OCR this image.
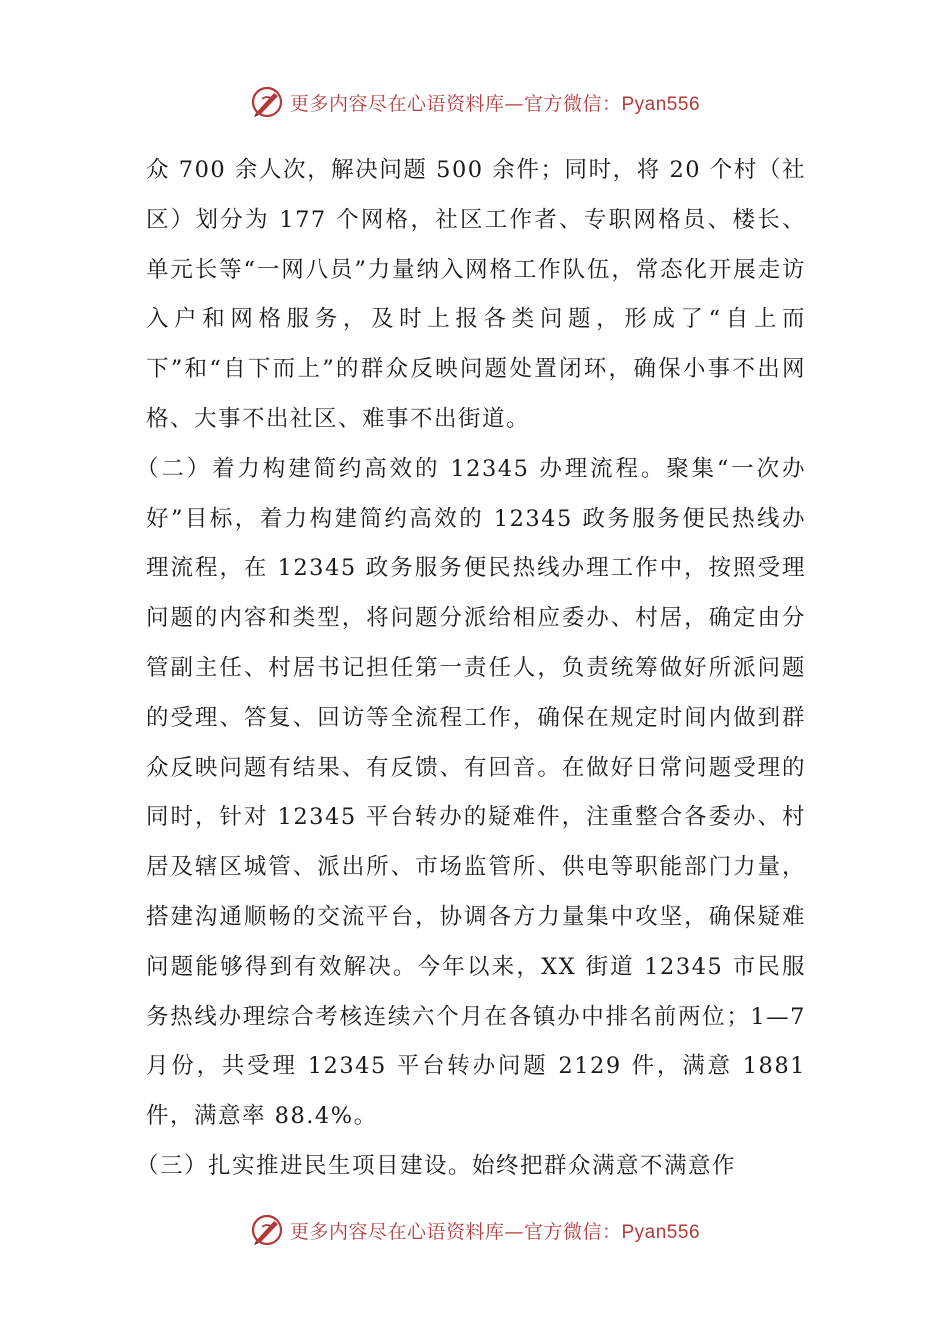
更多内容尽在心语资料库—官方微信：Pyan556

众 700 余人次，解决问题 500 余件；同时，将 20 个村（社区）划分为 177 个网格，社区工作者、专职网格员、楼长、单元长等“一网八员”力量纳入网格工作队伍，常态化开展走访入户和网格服务，及时上报各类问题，形成了“自上而下”和“自下而上”的群众反映问题处置闭环，确保小事不出网格、大事不出社区、难事不出街道。

（二）着力构建简约高效的 12345 办理流程。聚集“一次办好”目标，着力构建简约高效的 12345 政务服务便民热线办理流程，在 12345 政务服务便民热线办理工作中，按照受理问题的内容和类型，将问题分派给相应委办、村居，确定由分管副主任、村居书记担任第一责任人，负责统筹做好所派问题的受理、答复、回访等全流程工作，确保在规定时间内做到群众反映问题有结果、有反馈、有回音。在做好日常问题受理的同时，针对 12345 平台转办的疑难件，注重整合各委办、村居及辖区城管、派出所、市场监管所、供电等职能部门力量，搭建沟通顺畅的交流平台，协调各方力量集中攻坚，确保疑难问题能够得到有效解决。今年以来，XX 街道 12345 市民服务热线办理综合考核连续六个月在各镇办中排名前两位；1—7 月份，共受理 12345 平台转办问题 2129 件，满意 1881 件，满意率 88.4%。

（三）扎实推进民生项目建设。始终把群众满意不满意作

更多内容尽在心语资料库—官方微信：Pyan556
